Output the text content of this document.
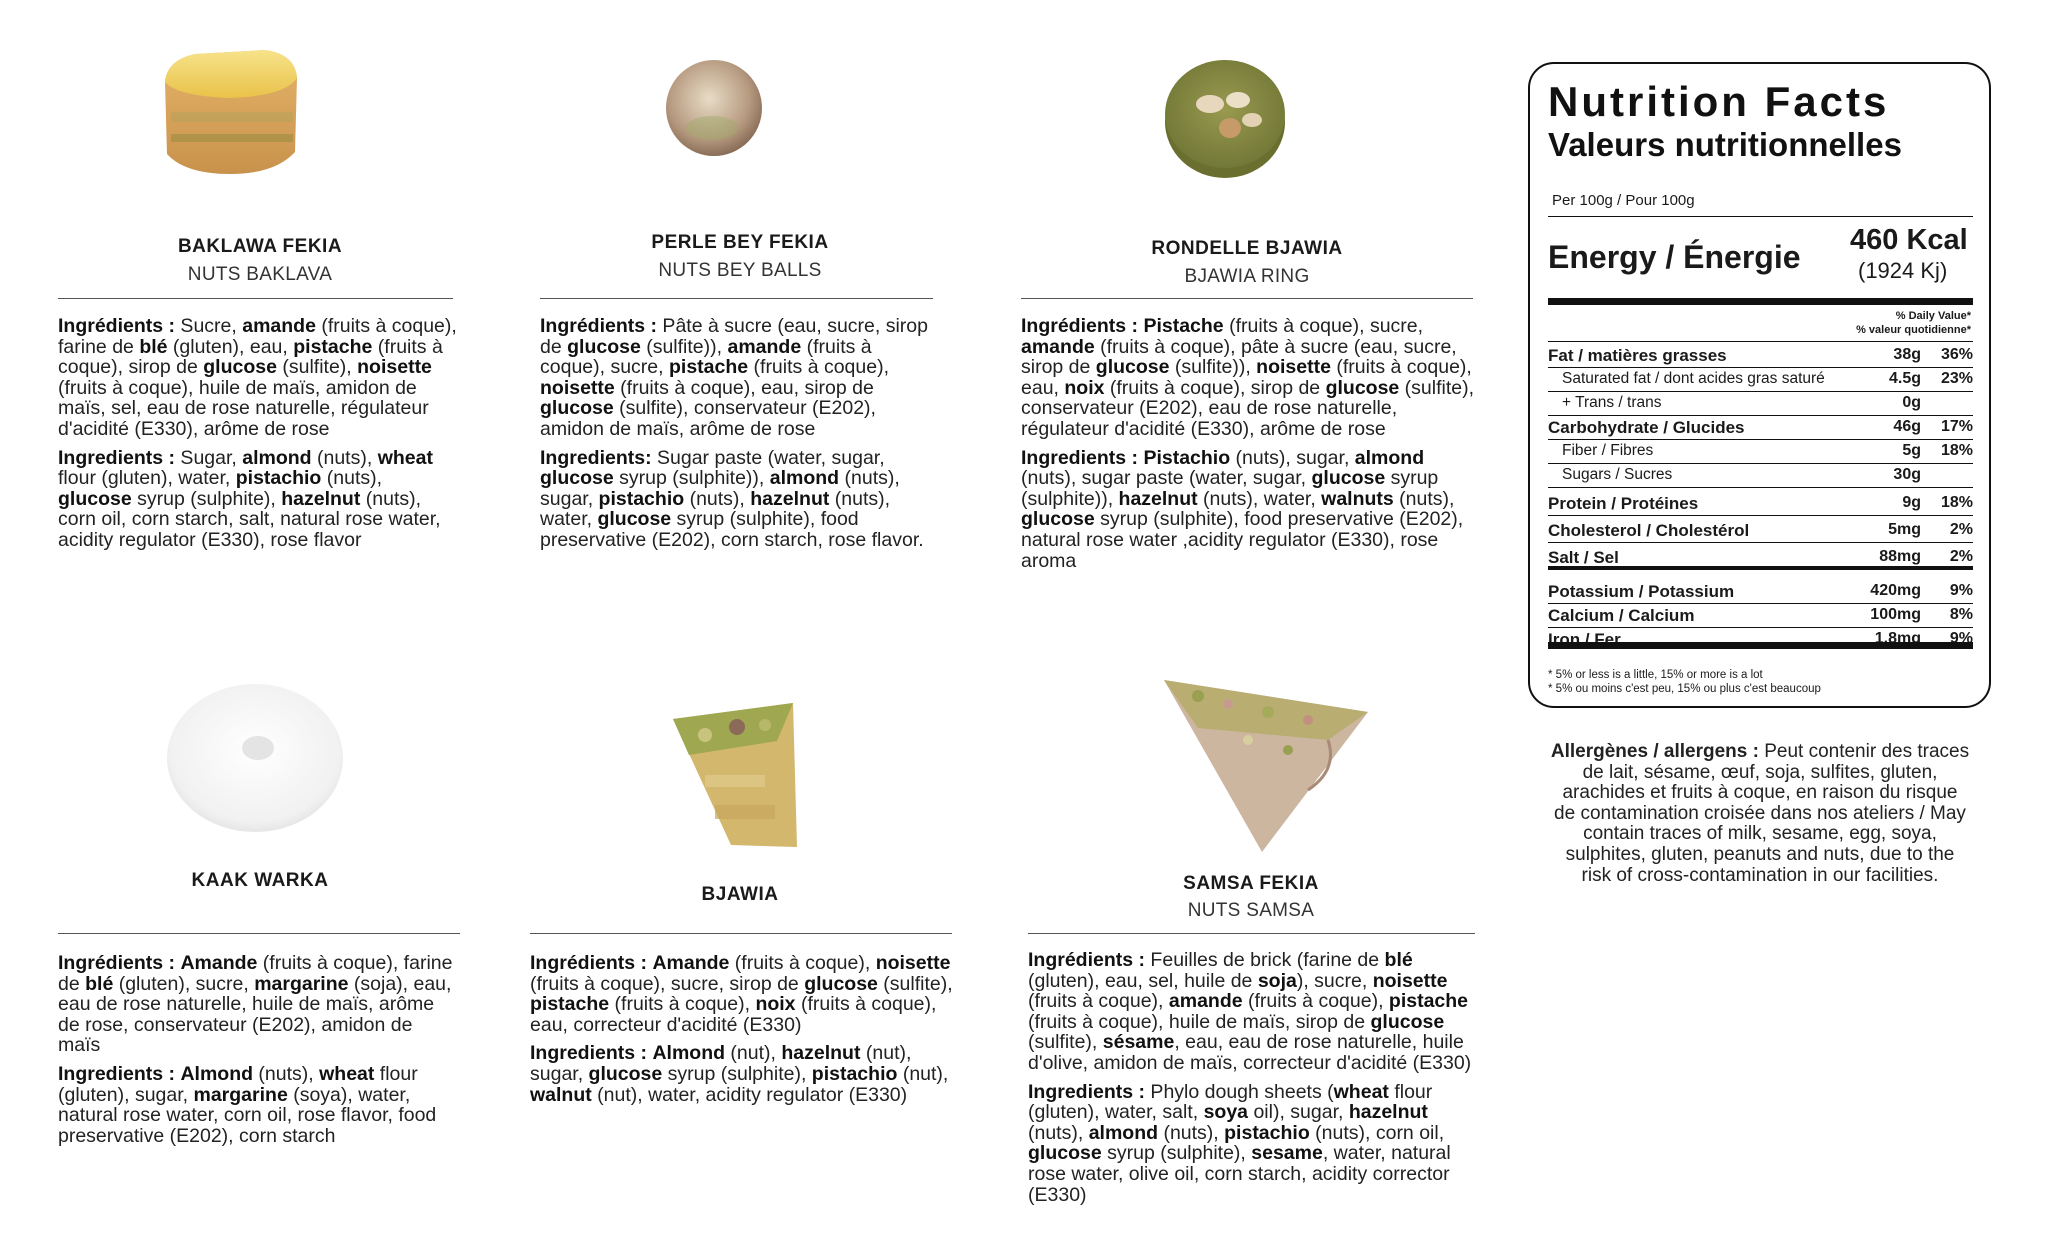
BAKLAWA FEKIA
NUTS BAKLAVA

Ingrédients : Sucre, amande (fruits à coque), farine de blé (gluten), eau, pistache (fruits à coque), sirop de glucose (sulfite), noisette (fruits à coque), huile de maïs, amidon de maïs, sel, eau de rose naturelle, régulateur d'acidité (E330), arôme de rose

Ingredients : Sugar, almond (nuts), wheat flour (gluten), water, pistachio (nuts), glucose syrup (sulphite), hazelnut (nuts), corn oil, corn starch, salt, natural rose water, acidity regulator (E330), rose flavor

PERLE BEY FEKIA
NUTS BEY BALLS

Ingrédients : Pâte à sucre (eau, sucre, sirop de glucose (sulfite)), amande (fruits à coque), sucre, pistache (fruits à coque), noisette (fruits à coque), eau, sirop de glucose (sulfite), conservateur (E202), amidon de maïs, arôme de rose

Ingredients: Sugar paste (water, sugar, glucose syrup (sulphite)), almond (nuts), sugar, pistachio (nuts), hazelnut (nuts), water, glucose syrup (sulphite), food preservative (E202), corn starch, rose flavor.

RONDELLE BJAWIA
BJAWIA RING

Ingrédients : Pistache (fruits à coque), sucre, amande (fruits à coque), pâte à sucre (eau, sucre, sirop de glucose (sulfite)), noisette (fruits à coque), eau, noix (fruits à coque), sirop de glucose (sulfite), conservateur (E202), eau de rose naturelle, régulateur d'acidité (E330), arôme de rose

Ingredients : Pistachio (nuts), sugar, almond (nuts), sugar paste (water, sugar, glucose syrup (sulphite)), hazelnut (nuts), water, walnuts (nuts), glucose syrup (sulphite), food preservative (E202), natural rose water ,acidity regulator (E330), rose aroma

KAAK WARKA

Ingrédients : Amande (fruits à coque), farine de blé (gluten), sucre, margarine (soja), eau, eau de rose naturelle, huile de maïs, arôme de rose, conservateur (E202), amidon de maïs

Ingredients : Almond (nuts), wheat flour (gluten), sugar, margarine (soya), water, natural rose water, corn oil, rose flavor, food preservative (E202), corn starch

BJAWIA

Ingrédients : Amande (fruits à coque), noisette (fruits à coque), sucre, sirop de glucose (sulfite), pistache (fruits à coque), noix (fruits à coque), eau, correcteur d'acidité (E330)

Ingredients : Almond (nut), hazelnut (nut), sugar, glucose syrup (sulphite), pistachio (nut), walnut (nut), water, acidity regulator (E330)

SAMSA FEKIA
NUTS SAMSA

Ingrédients : Feuilles de brick (farine de blé (gluten), eau, sel, huile de soja), sucre, noisette (fruits à coque), amande (fruits à coque), pistache (fruits à coque), huile de maïs, sirop de glucose (sulfite), sésame, eau, eau de rose naturelle, huile d'olive, amidon de maïs, correcteur d'acidité (E330)

Ingredients : Phylo dough sheets (wheat flour (gluten), water, salt, soya oil), sugar, hazelnut (nuts), almond (nuts), pistachio (nuts), corn oil, glucose syrup (sulphite), sesame, water, natural rose water, olive oil, corn starch, acidity corrector (E330)

Nutrition Facts
Valeurs nutritionnelles
Per 100g / Pour 100g
Energy / Énergie 460 Kcal
(1924 Kj)
% Daily Value*
% valeur quotidienne*
Fat / matières grasses	38g 36%
Saturated fat / dont acides gras saturé	4.5g 23%
+ Trans / trans	0g
Carbohydrate / Glucides	46g 17%
Fiber / Fibres	5g 18%
Sugars / Sucres	30g
Protein / Protéines	9g 18%
Cholesterol / Cholestérol	5mg 2%
Salt / Sel	88mg 2%
Potassium / Potassium	420mg 9%
Calcium / Calcium	100mg 8%
Iron / Fer	1.8mg 9%
* 5% or less is a little, 15% or more is a lot
* 5% ou moins c'est peu, 15% ou plus c'est beaucoup
Allergènes / allergens : Peut contenir des traces de lait, sésame, œuf, soja, sulfites, gluten, arachides et fruits à coque, en raison du risque de contamination croisée dans nos ateliers / May contain traces of milk, sesame, egg, soya, sulphites, gluten, peanuts and nuts, due to the risk of cross-contamination in our facilities.
